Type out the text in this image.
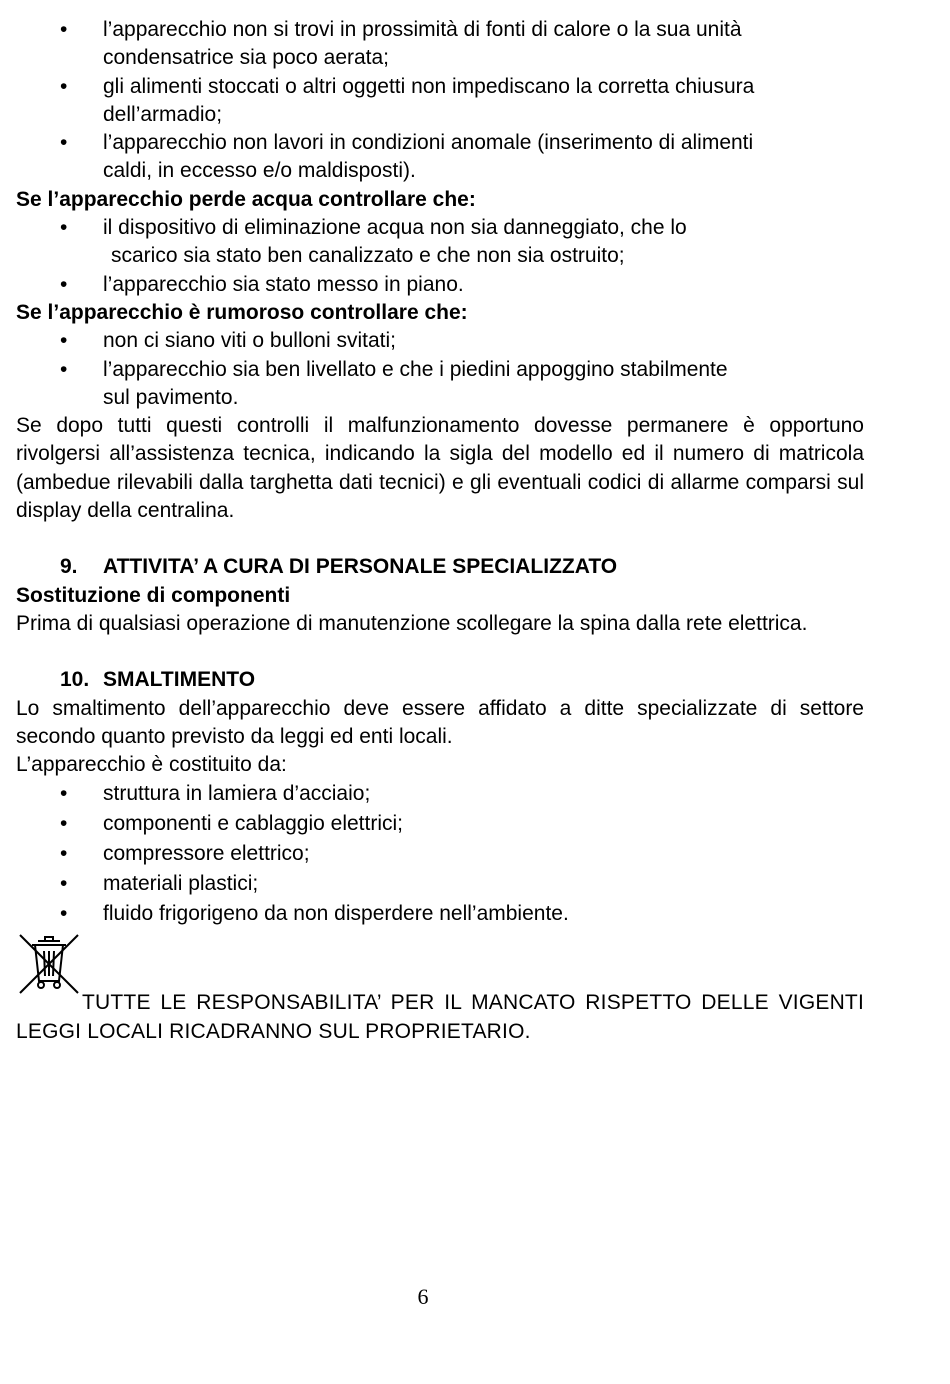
• l’apparecchio non si trovi in prossimità di fonti di calore o la sua unità
condensatrice sia poco aerata;
• gli alimenti stoccati o altri oggetti non impediscano la corretta chiusura
dell’armadio;
• l’apparecchio non lavori in condizioni anomale (inserimento di alimenti
caldi, in eccesso e/o maldisposti).
Se l’apparecchio perde acqua controllare che:
• il dispositivo di eliminazione acqua non sia danneggiato, che lo
scarico sia stato ben canalizzato e che non sia ostruito;
• l’apparecchio sia stato messo in piano.
Se l’apparecchio è rumoroso controllare che:
• non ci siano viti o bulloni svitati;
• l’apparecchio sia ben livellato e che i piedini appoggino stabilmente
sul pavimento.
Se dopo tutti questi controlli il malfunzionamento dovesse permanere è opportuno rivolgersi all’assistenza tecnica, indicando la sigla del modello ed il numero di matricola (ambedue rilevabili dalla targhetta dati tecnici) e gli eventuali codici di allarme comparsi sul display della centralina.
9. ATTIVITA’ A CURA DI PERSONALE SPECIALIZZATO
Sostituzione di componenti
Prima di qualsiasi operazione di manutenzione scollegare la spina dalla rete elettrica.
10. SMALTIMENTO
Lo smaltimento dell’apparecchio deve essere affidato a ditte specializzate di settore secondo quanto previsto da leggi ed enti locali.
L’apparecchio è costituito da:
• struttura in lamiera d’acciaio;
• componenti e cablaggio elettrici;
• compressore elettrico;
• materiali plastici;
• fluido frigorigeno da non disperdere nell’ambiente.
TUTTE LE RESPONSABILITA’ PER IL MANCATO RISPETTO DELLE VIGENTI LEGGI LOCALI RICADRANNO SUL PROPRIETARIO.
6
